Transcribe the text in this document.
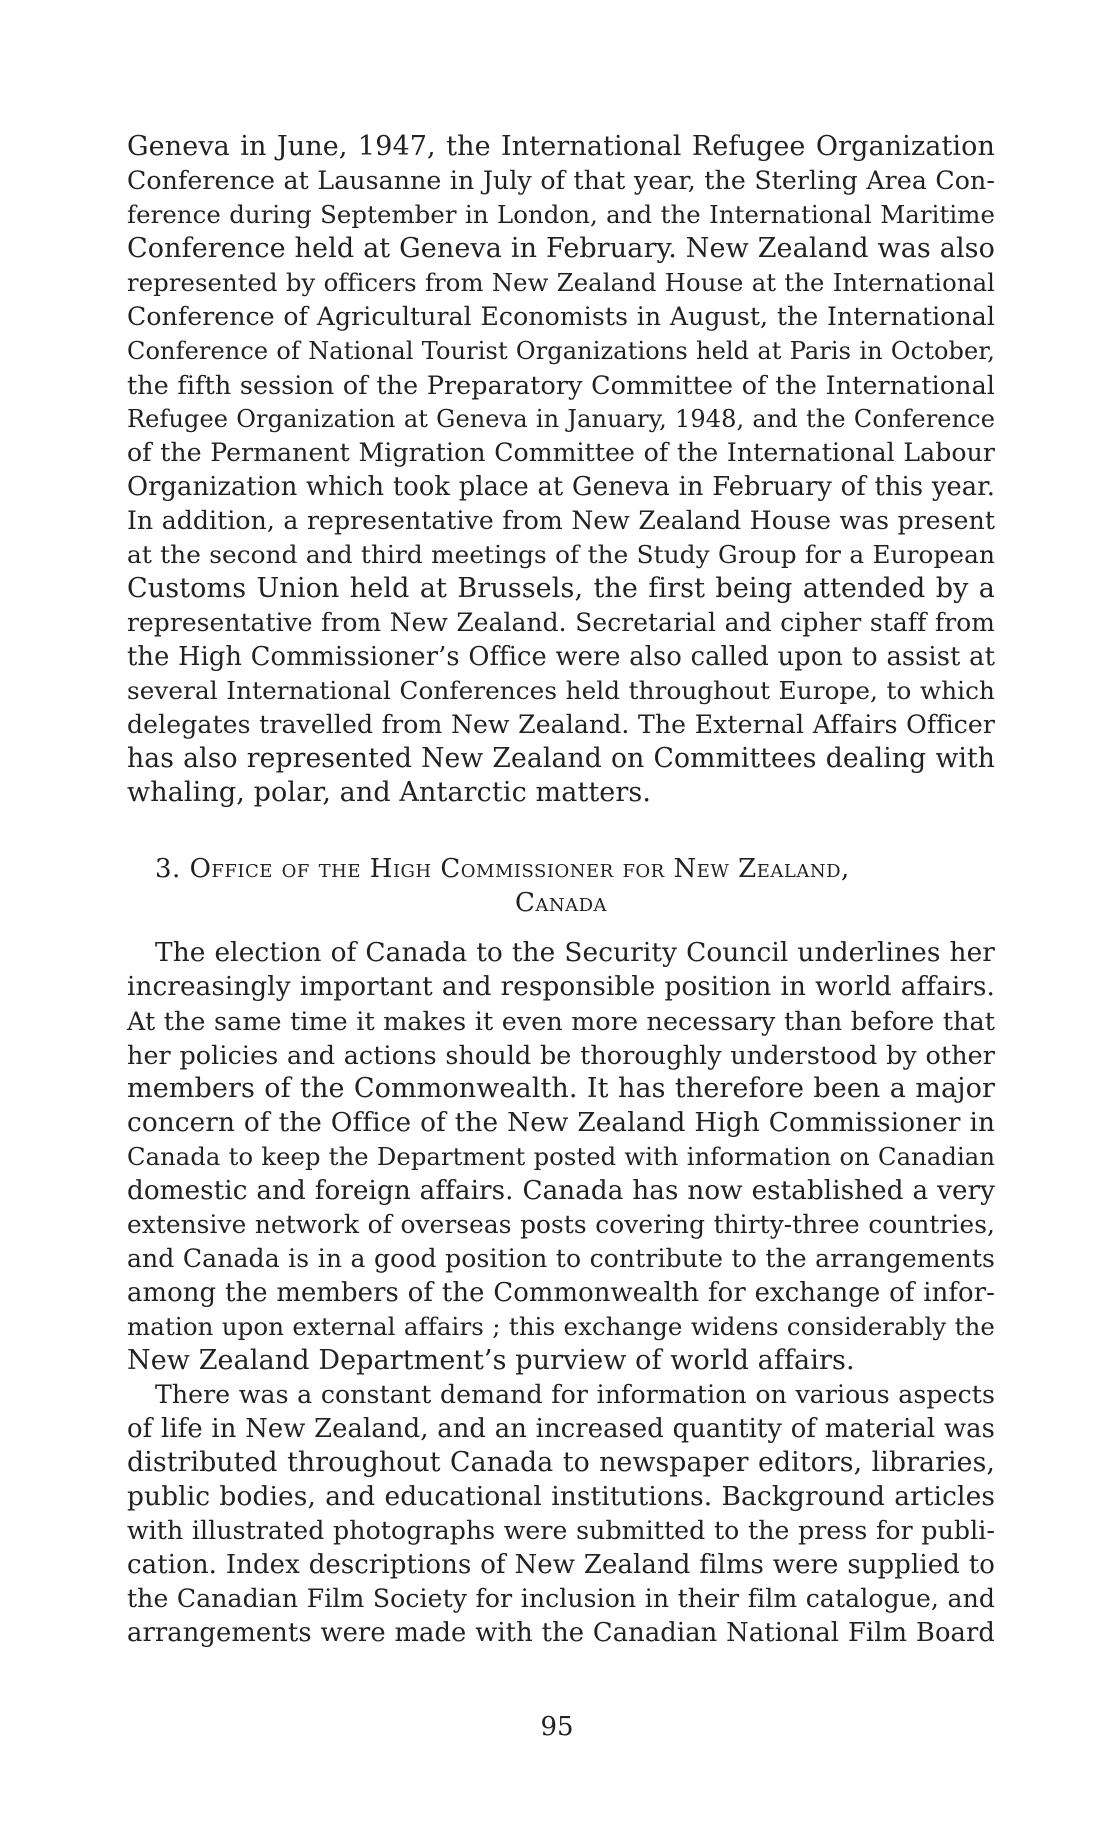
Geneva in June, 1947, the International Refugee Organization
Conference at Lausanne in July of that year, the Sterling Area Con-
ference during September in London, and the International Maritime
Conference held at Geneva in February. New Zealand was also
represented by officers from New Zealand House at the International
Conference of Agricultural Economists in August, the International
Conference of National Tourist Organizations held at Paris in October,
the fifth session of the Preparatory Committee of the International
Refugee Organization at Geneva in January, 1948, and the Conference
of the Permanent Migration Committee of the International Labour
Organization which took place at Geneva in February of this year.
In addition, a representative from New Zealand House was present
at the second and third meetings of the Study Group for a European
Customs Union held at Brussels, the first being attended by a
representative from New Zealand. Secretarial and cipher staff from
the High Commissioner’s Office were also called upon to assist at
several International Conferences held throughout Europe, to which
delegates travelled from New Zealand. The External Affairs Officer
has also represented New Zealand on Committees dealing with
whaling, polar, and Antarctic matters.
3. Office of the High Commissioner for New Zealand,
Canada
The election of Canada to the Security Council underlines her
increasingly important and responsible position in world affairs.
At the same time it makes it even more necessary than before that
her policies and actions should be thoroughly understood by other
members of the Commonwealth. It has therefore been a major
concern of the Office of the New Zealand High Commissioner in
Canada to keep the Department posted with information on Canadian
domestic and foreign affairs. Canada has now established a very
extensive network of overseas posts covering thirty-three countries,
and Canada is in a good position to contribute to the arrangements
among the members of the Commonwealth for exchange of infor-
mation upon external affairs ; this exchange widens considerably the
New Zealand Department’s purview of world affairs.
There was a constant demand for information on various aspects
of life in New Zealand, and an increased quantity of material was
distributed throughout Canada to newspaper editors, libraries,
public bodies, and educational institutions. Background articles
with illustrated photographs were submitted to the press for publi-
cation. Index descriptions of New Zealand films were supplied to
the Canadian Film Society for inclusion in their film catalogue, and
arrangements were made with the Canadian National Film Board
95
